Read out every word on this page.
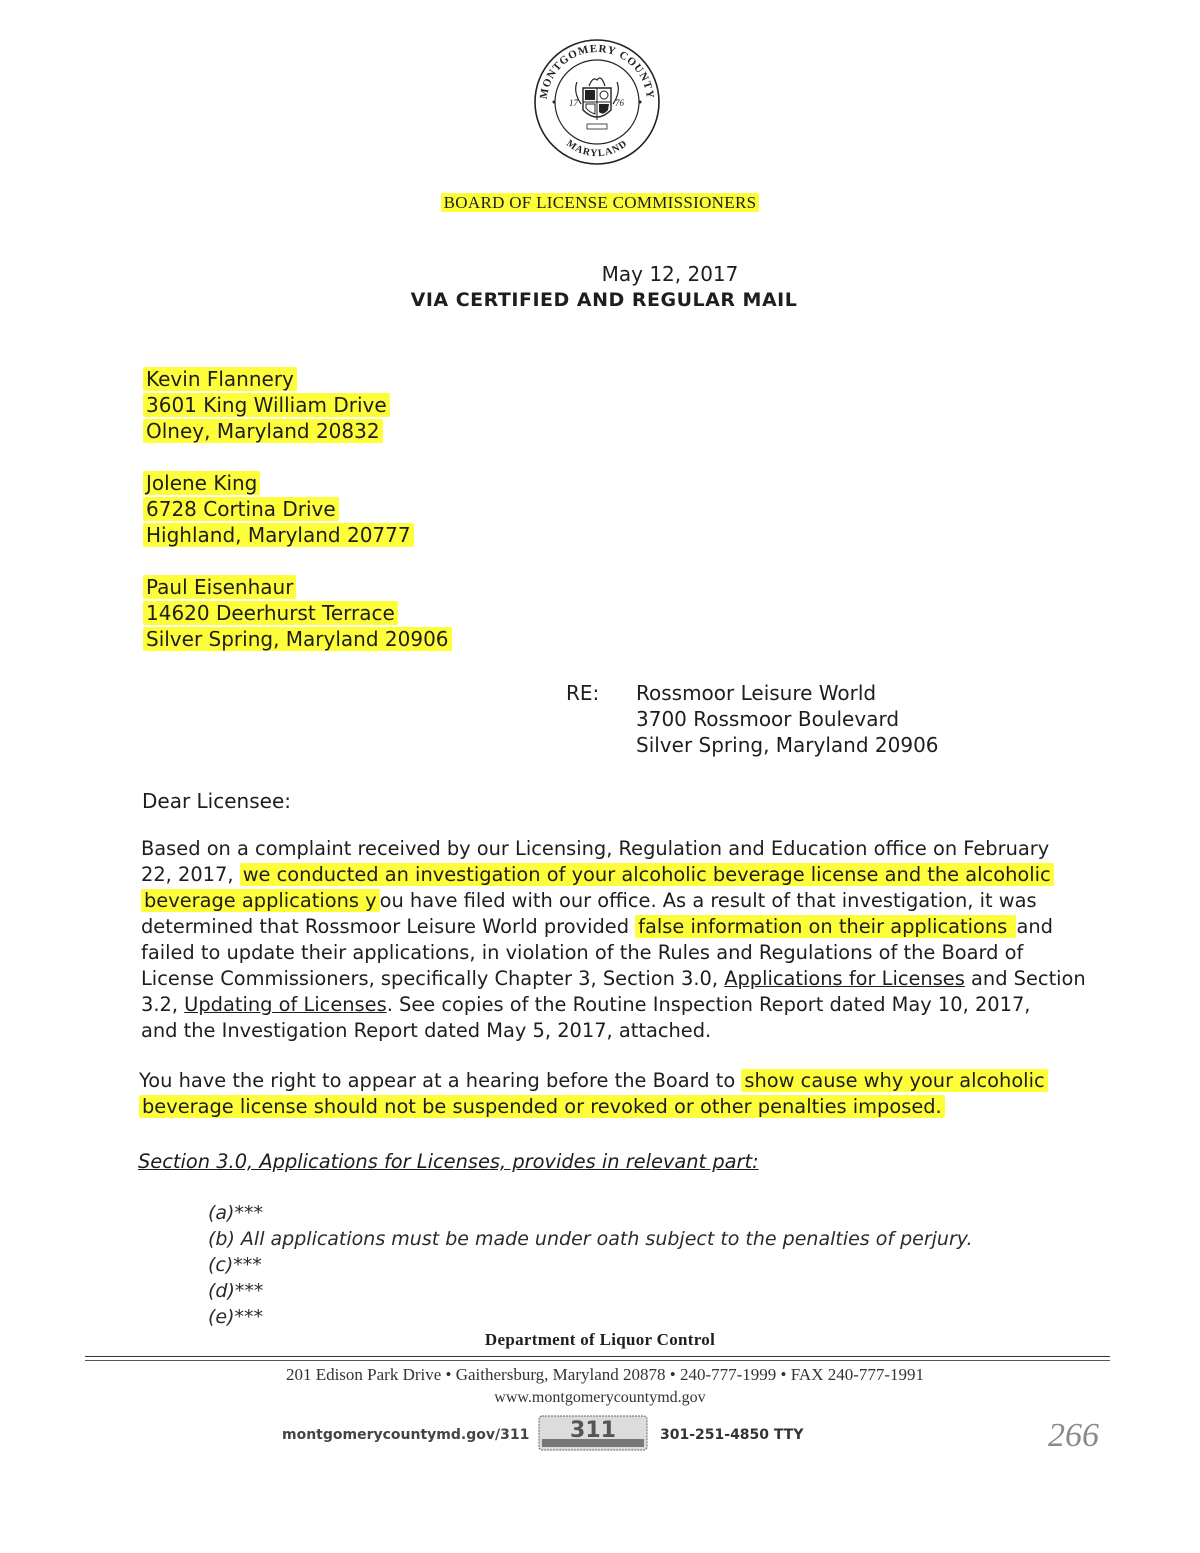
MONTGOMERY COUNTY
MARYLAND
17	76
BOARD OF LICENSE COMMISSIONERS
May 12, 2017
VIA CERTIFIED AND REGULAR MAIL
Kevin Flannery
3601 King William Drive
Olney, Maryland 20832
Jolene King
6728 Cortina Drive
Highland, Maryland 20777
Paul Eisenhaur
14620 Deerhurst Terrace
Silver Spring, Maryland 20906
RE: Rossmoor Leisure World
3700 Rossmoor Boulevard
Silver Spring, Maryland 20906
Dear Licensee:
Based on a complaint received by our Licensing, Regulation and Education office on February
22, 2017, we conducted an investigation of your alcoholic beverage license and the alcoholic
beverage applications y ou have filed with our office. As a result of that investigation, it was
determined that Rossmoor Leisure World provided false information on their applications and
failed to update their applications, in violation of the Rules and Regulations of the Board of
License Commissioners, specifically Chapter 3, Section 3.0, Applications for Licenses and Section
3.2, Updating of Licenses. See copies of the Routine Inspection Report dated May 10, 2017,
and the Investigation Report dated May 5, 2017, attached.
You have the right to appear at a hearing before the Board to show cause why your alcoholic
beverage license should not be suspended or revoked or other penalties imposed.
Section 3.0, Applications for Licenses, provides in relevant part:
(a)***
(b) All applications must be made under oath subject to the penalties of perjury.
(c)***
(d)***
(e)***
Department of Liquor Control
201 Edison Park Drive • Gaithersburg, Maryland 20878 • 240-777-1999 • FAX 240-777-1991
www.montgomerycountymd.gov
montgomerycountymd.gov/311 311	301-251-4850 TTY	266
